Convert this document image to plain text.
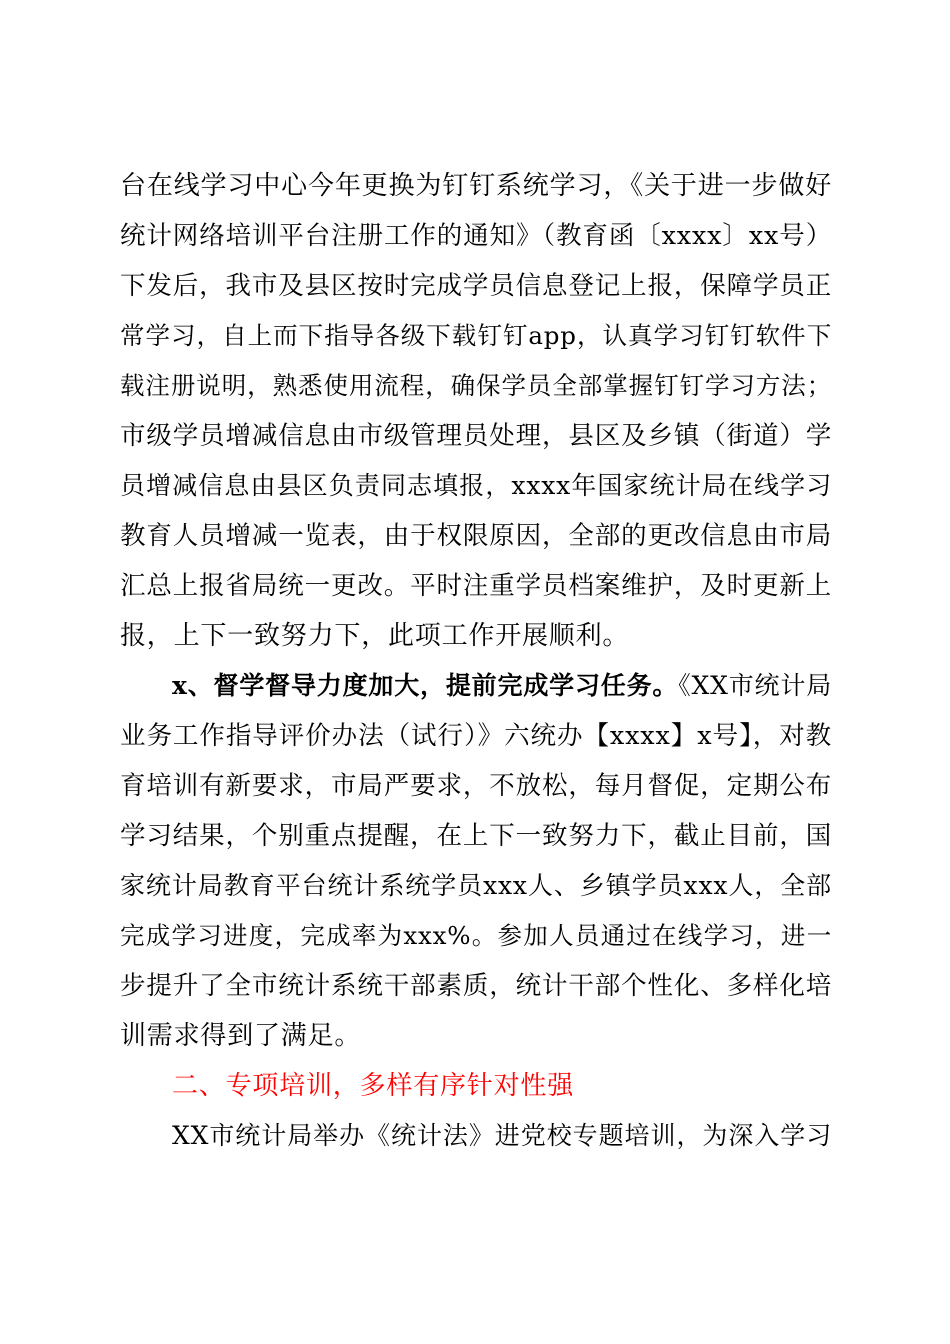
台在线学习中心今年更换为钉钉系统学习，《关于进一步做好
统计网络培训平台注册工作的通知》（教育函〔xxxx〕xx号）
下发后，我市及县区按时完成学员信息登记上报，保障学员正
常学习，自上而下指导各级下载钉钉app，认真学习钉钉软件下
载注册说明，熟悉使用流程，确保学员全部掌握钉钉学习方法；
市级学员增减信息由市级管理员处理，县区及乡镇（街道）学
员增减信息由县区负责同志填报，xxxx年国家统计局在线学习
教育人员增减一览表，由于权限原因，全部的更改信息由市局
汇总上报省局统一更改。平时注重学员档案维护，及时更新上
报，上下一致努力下，此项工作开展顺利。
x、督学督导力度加大，提前完成学习任务。《XX市统计局
业务工作指导评价办法（试行）》六统办【xxxx】x号】，对教
育培训有新要求，市局严要求，不放松，每月督促，定期公布
学习结果，个别重点提醒，在上下一致努力下，截止目前，国
家统计局教育平台统计系统学员xxx人、乡镇学员xxx人，全部
完成学习进度，完成率为xxx%。参加人员通过在线学习，进一
步提升了全市统计系统干部素质，统计干部个性化、多样化培
训需求得到了满足。
二、专项培训，多样有序针对性强
XX市统计局举办《统计法》进党校专题培训，为深入学习
